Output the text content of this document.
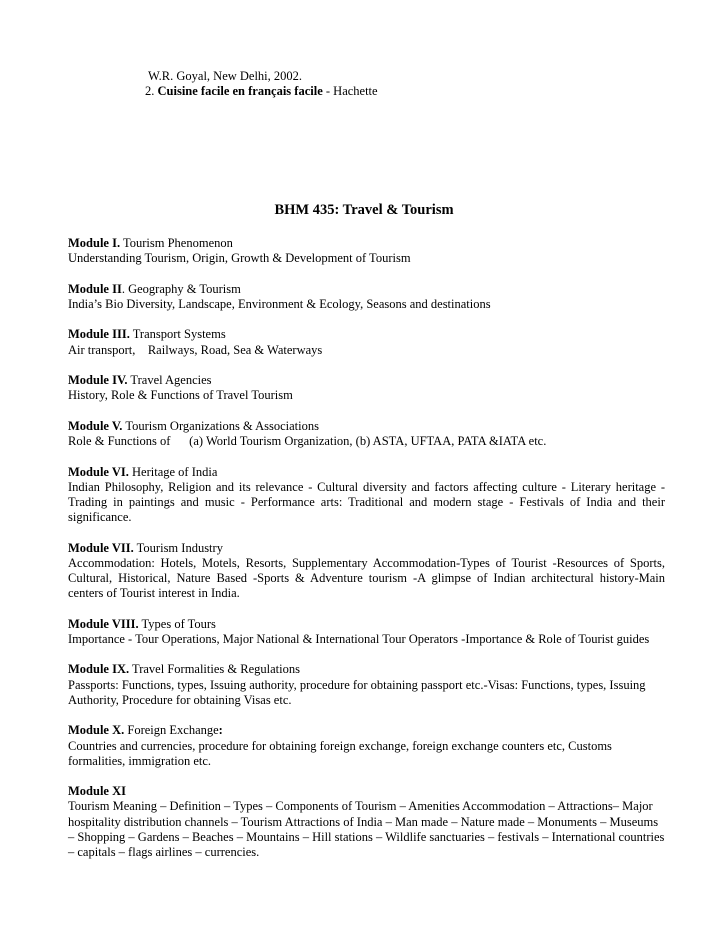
W.R. Goyal, New Delhi, 2002.
2. Cuisine facile en français facile - Hachette
BHM 435: Travel & Tourism
Module I. Tourism Phenomenon
Understanding Tourism, Origin, Growth & Development of Tourism
Module II. Geography & Tourism
India’s Bio Diversity, Landscape, Environment & Ecology, Seasons and destinations
Module III. Transport Systems
Air transport,    Railways, Road, Sea & Waterways
Module IV. Travel Agencies
History, Role & Functions of Travel Tourism
Module V. Tourism Organizations & Associations
Role & Functions of      (a) World Tourism Organization, (b) ASTA, UFTAA, PATA &IATA etc.
Module VI. Heritage of India
Indian Philosophy, Religion and its relevance - Cultural diversity and factors affecting culture - Literary heritage - Trading in paintings and music - Performance arts: Traditional and modern stage - Festivals of India and their significance.
Module VII. Tourism Industry
Accommodation: Hotels, Motels, Resorts, Supplementary Accommodation-Types of Tourist -Resources of Sports, Cultural, Historical, Nature Based -Sports & Adventure tourism -A glimpse of Indian architectural history-Main centers of Tourist interest in India.
Module VIII. Types of Tours
Importance - Tour Operations, Major National & International Tour Operators -Importance & Role of Tourist guides
Module IX. Travel Formalities & Regulations
Passports: Functions, types, Issuing authority, procedure for obtaining passport etc.-Visas: Functions, types, Issuing Authority, Procedure for obtaining Visas etc.
Module X. Foreign Exchange:
Countries and currencies, procedure for obtaining foreign exchange, foreign exchange counters etc, Customs formalities, immigration etc.
Module XI
Tourism Meaning – Definition – Types – Components of Tourism – Amenities Accommodation – Attractions– Major hospitality distribution channels – Tourism Attractions of India – Man made – Nature made – Monuments – Museums – Shopping – Gardens – Beaches – Mountains – Hill stations – Wildlife sanctuaries – festivals – International countries – capitals – flags airlines – currencies.
